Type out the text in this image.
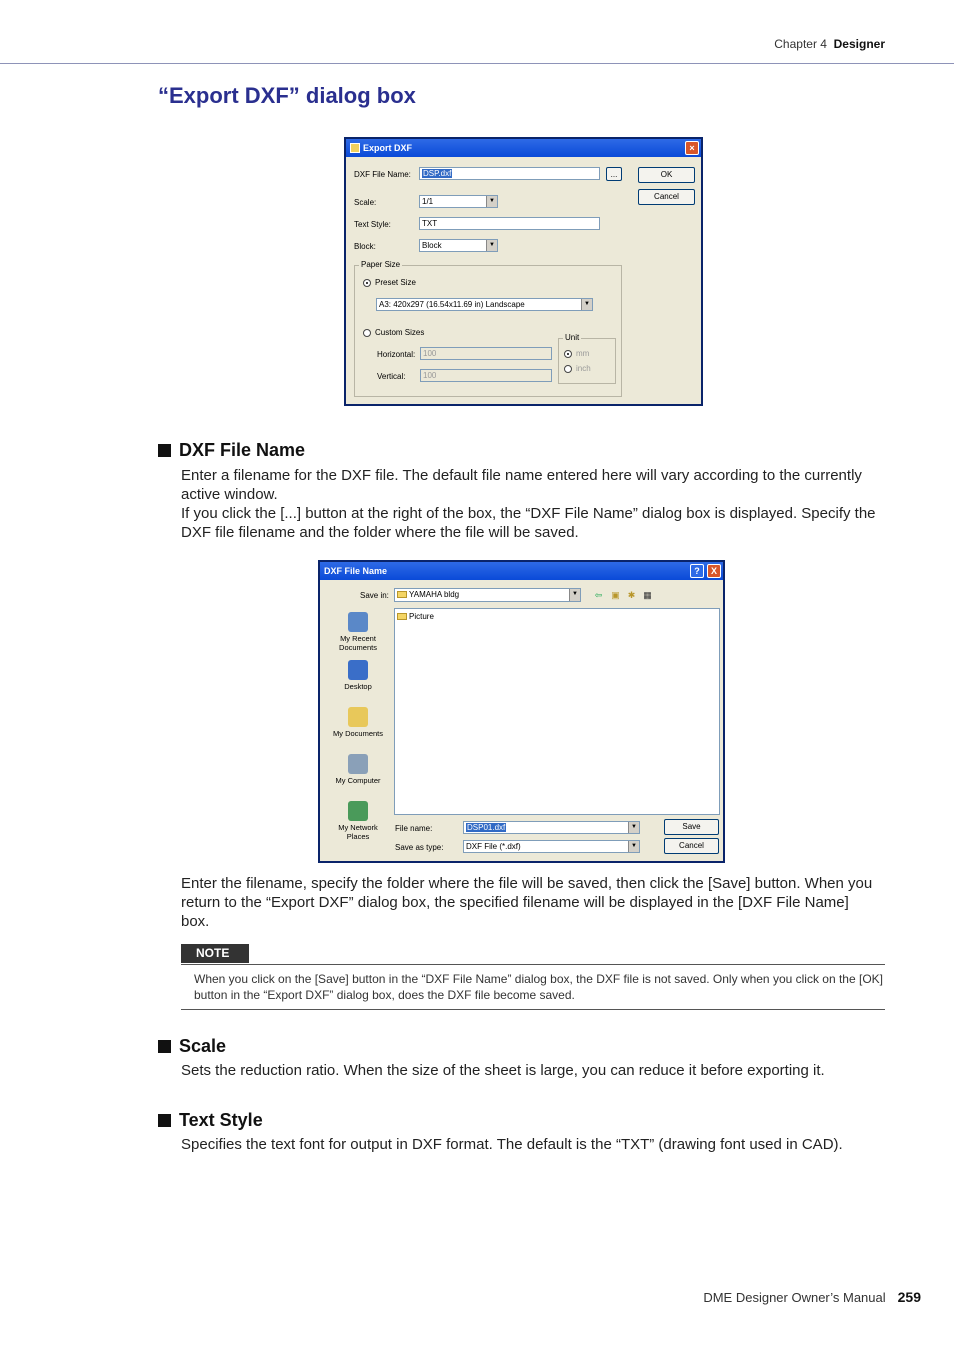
Chapter 4 Designer
“Export DXF” dialog box
Export DXF	×
DXF File Name:	DSP.dxf	...	OK
Cancel
Scale:	1/1	▼
Text Style:	TXT
Block:	Block	▼
Paper Size
Preset Size
A3: 420x297 (16.54x11.69 in) Landscape	▼
Custom Sizes
Horizontal: 100
Vertical:	100
Unit
mm
inch
DXF File Name

Enter a filename for the DXF file. The default file name entered here will vary according to the currently active window.

If you click the [...] button at the right of the box, the “DXF File Name” dialog box is displayed. Specify the DXF file filename and the folder where the file will be saved.

DXF File Name	?	X
Save in:	YAMAHA bldg	▼ ⇦ ▣ ✱ ▦
My Recent Documents
Desktop
My Documents
My Computer
My Network Places
Picture
File name:	DSP01.dxf	▼
Save as type:	DXF File (*.dxf)	▼
Save
Cancel

Enter the filename, specify the folder where the file will be saved, then click the [Save] button. When you return to the “Export DXF” dialog box, the specified filename will be displayed in the [DXF File Name] box.

NOTE
When you click on the [Save] button in the “DXF File Name” dialog box, the DXF file is not saved. Only when you click on the [OK] button in the “Export DXF” dialog box, does the DXF file become saved.
Scale
Sets the reduction ratio. When the size of the sheet is large, you can reduce it before exporting it.
Text Style
Specifies the text font for output in DXF format. The default is the “TXT” (drawing font used in CAD).
DME Designer Owner’s Manual 259
